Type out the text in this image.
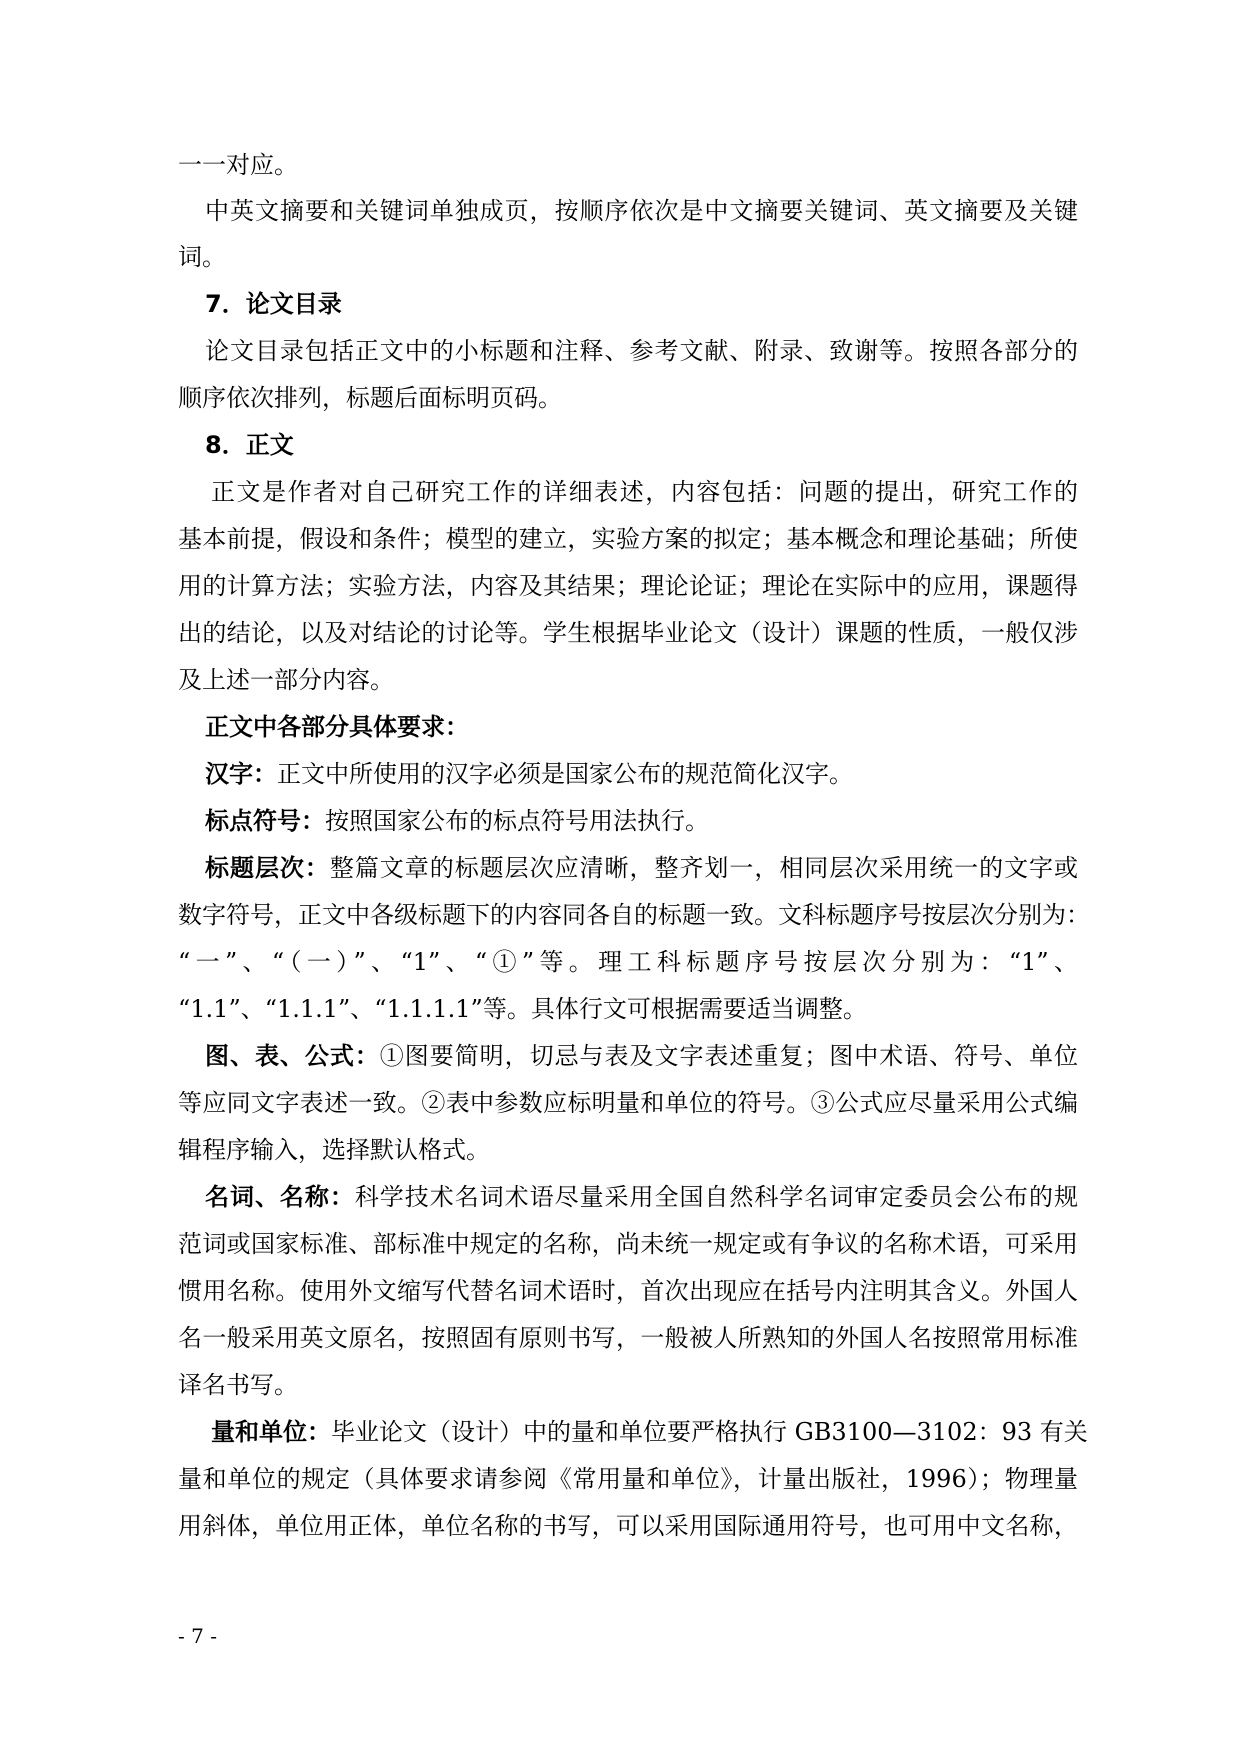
一一对应。
中英文摘要和关键词单独成页，按顺序依次是中文摘要关键词、英文摘要及关键
词。
7．论文目录
论文目录包括正文中的小标题和注释、参考文献、附录、致谢等。按照各部分的
顺序依次排列，标题后面标明页码。
8．正文
正文是作者对自己研究工作的详细表述，内容包括：问题的提出，研究工作的
基本前提，假设和条件；模型的建立，实验方案的拟定；基本概念和理论基础；所使
用的计算方法；实验方法，内容及其结果；理论论证；理论在实际中的应用，课题得
出的结论，以及对结论的讨论等。学生根据毕业论文（设计）课题的性质，一般仅涉
及上述一部分内容。
正文中各部分具体要求：
汉字：正文中所使用的汉字必须是国家公布的规范简化汉字。
标点符号：按照国家公布的标点符号用法执行。
标题层次：整篇文章的标题层次应清晰，整齐划一，相同层次采用统一的文字或
数字符号，正文中各级标题下的内容同各自的标题一致。文科标题序号按层次分别为：
“一”、“（一）”、“1”、“①”等。理工科标题序号按层次分别为：“1”、
“1.1”、“1.1.1”、“1.1.1.1”等。具体行文可根据需要适当调整。
图、表、公式：①图要简明，切忌与表及文字表述重复；图中术语、符号、单位
等应同文字表述一致。②表中参数应标明量和单位的符号。③公式应尽量采用公式编
辑程序输入，选择默认格式。
名词、名称：科学技术名词术语尽量采用全国自然科学名词审定委员会公布的规
范词或国家标准、部标准中规定的名称，尚未统一规定或有争议的名称术语，可采用
惯用名称。使用外文缩写代替名词术语时，首次出现应在括号内注明其含义。外国人
名一般采用英文原名，按照固有原则书写，一般被人所熟知的外国人名按照常用标准
译名书写。
量和单位：毕业论文（设计）中的量和单位要严格执行 GB3100—3102：93 有关
量和单位的规定（具体要求请参阅《常用量和单位》，计量出版社，1996）；物理量
用斜体，单位用正体，单位名称的书写，可以采用国际通用符号，也可用中文名称，
- 7 -
